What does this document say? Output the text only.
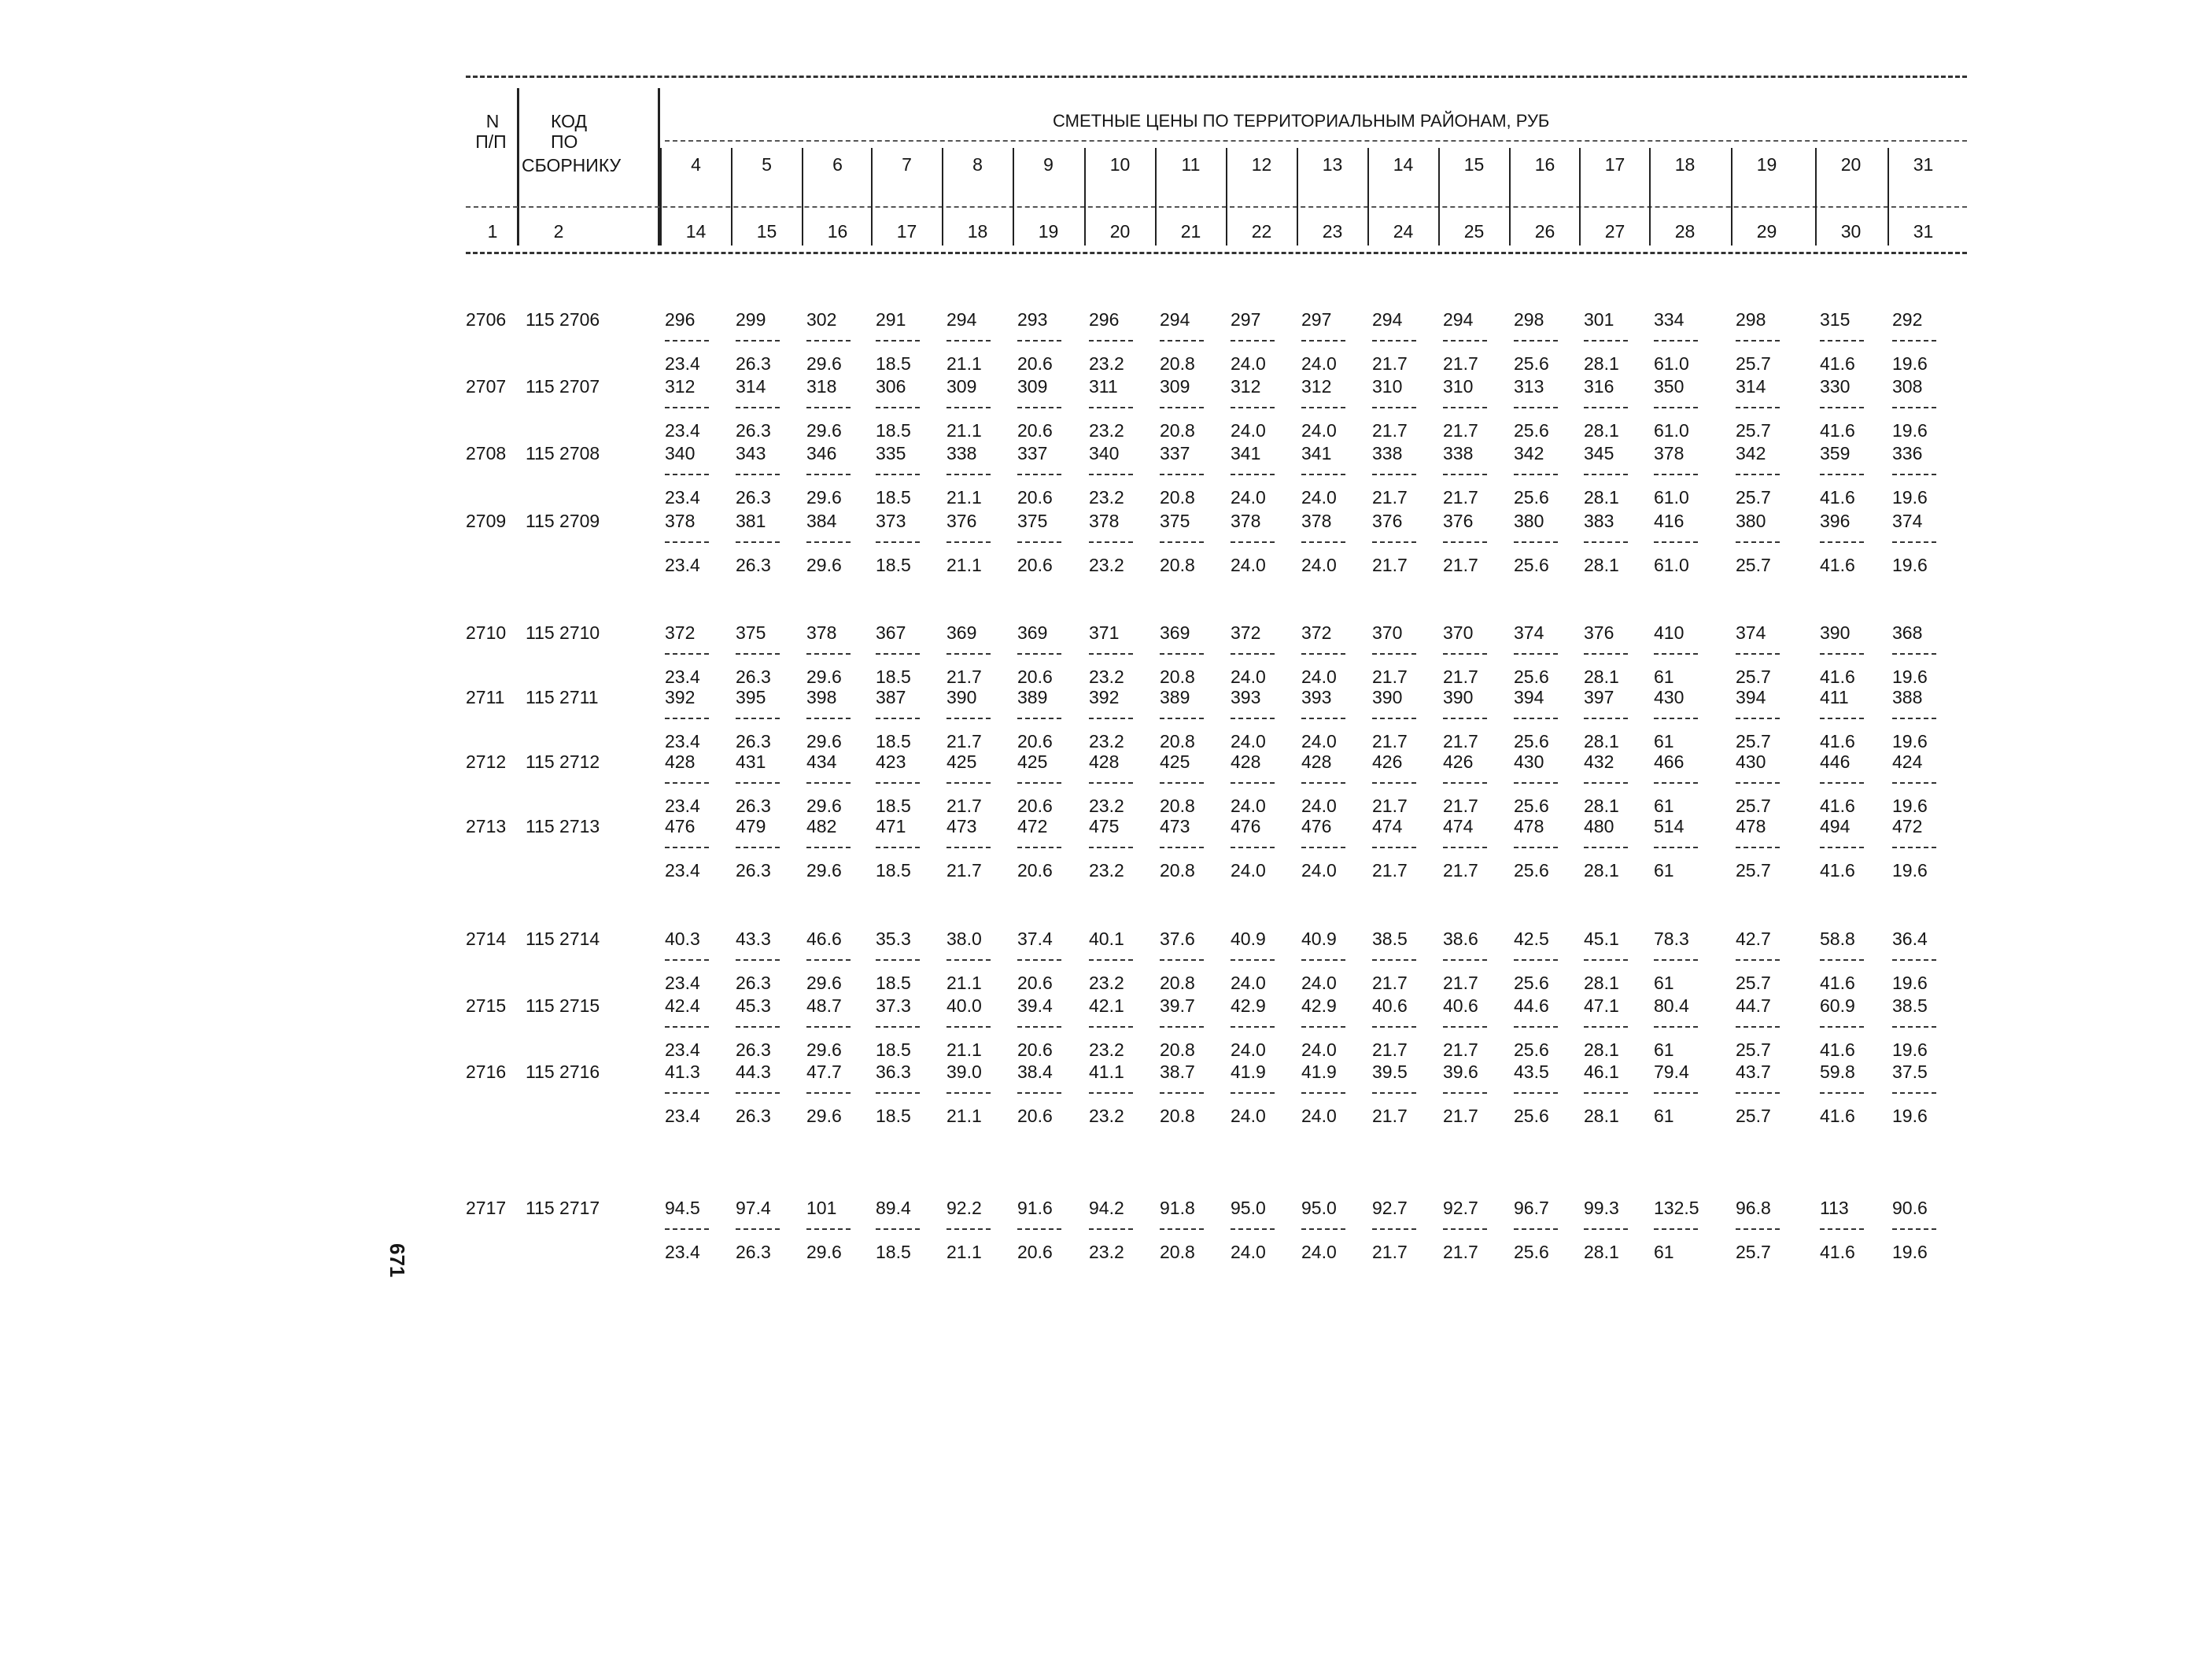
N
П/П
КОД
ПО
СБОРНИКУ
СМЕТНЫЕ ЦЕНЫ ПО ТЕРРИТОРИАЛЬНЫМ РАЙОНАМ, РУБ
4	5	6	7	8	9	10	11	12	13	14	15	16	17	18	19	20	31
1	2	14	15	16	17	18	19	20	21	22	23	24	25	26	27	28	29	30	31
2706 115 2706	296 299 302 291 294 293 296 294 297 297 294 294 298 301 334	298	315 292
23.4 26.3 29.6 18.5 21.1 20.6 23.2 20.8 24.0 24.0 21.7 21.7 25.6 28.1 61.0	25.7	41.6 19.6
2707 115 2707	312 314 318 306 309 309 311 309 312 312 310 310 313 316 350	314	330 308
23.4 26.3 29.6 18.5 21.1 20.6 23.2 20.8 24.0 24.0 21.7 21.7 25.6 28.1 61.0	25.7	41.6 19.6
2708 115 2708	340 343 346 335 338 337 340 337 341 341 338 338 342 345 378	342	359 336
23.4 26.3 29.6 18.5 21.1 20.6 23.2 20.8 24.0 24.0 21.7 21.7 25.6 28.1 61.0	25.7	41.6 19.6
2709 115 2709	378 381 384 373 376 375 378 375 378 378 376 376 380 383 416	380	396 374
23.4 26.3 29.6 18.5 21.1 20.6 23.2 20.8 24.0 24.0 21.7 21.7 25.6 28.1 61.0	25.7	41.6 19.6
2710 115 2710	372 375 378 367 369 369 371 369 372 372 370 370 374 376 410	374	390 368
23.4 26.3 29.6 18.5 21.7 20.6 23.2 20.8 24.0 24.0 21.7 21.7 25.6 28.1 61	25.7	41.6 19.6
2711 115 2711	392 395 398 387 390 389 392 389 393 393 390 390 394 397 430	394	411 388
23.4 26.3 29.6 18.5 21.7 20.6 23.2 20.8 24.0 24.0 21.7 21.7 25.6 28.1 61	25.7	41.6 19.6
2712 115 2712	428 431 434 423 425 425 428 425 428 428 426 426 430 432 466	430	446 424
23.4 26.3 29.6 18.5 21.7 20.6 23.2 20.8 24.0 24.0 21.7 21.7 25.6 28.1 61	25.7	41.6 19.6
2713 115 2713	476 479 482 471 473 472 475 473 476 476 474 474 478 480 514	478	494 472
23.4 26.3 29.6 18.5 21.7 20.6 23.2 20.8 24.0 24.0 21.7 21.7 25.6 28.1 61	25.7	41.6 19.6
2714 115 2714	40.3 43.3 46.6 35.3 38.0 37.4 40.1 37.6 40.9 40.9 38.5 38.6 42.5 45.1 78.3	42.7	58.8 36.4
23.4 26.3 29.6 18.5 21.1 20.6 23.2 20.8 24.0 24.0 21.7 21.7 25.6 28.1 61	25.7	41.6 19.6
2715 115 2715	42.4 45.3 48.7 37.3 40.0 39.4 42.1 39.7 42.9 42.9 40.6 40.6 44.6 47.1 80.4	44.7	60.9 38.5
23.4 26.3 29.6 18.5 21.1 20.6 23.2 20.8 24.0 24.0 21.7 21.7 25.6 28.1 61	25.7	41.6 19.6
2716 115 2716	41.3 44.3 47.7 36.3 39.0 38.4 41.1 38.7 41.9 41.9 39.5 39.6 43.5 46.1 79.4	43.7	59.8 37.5
23.4 26.3 29.6 18.5 21.1 20.6 23.2 20.8 24.0 24.0 21.7 21.7 25.6 28.1 61	25.7	41.6 19.6
2717 115 2717	94.5 97.4 101 89.4 92.2 91.6 94.2 91.8 95.0 95.0 92.7 92.7 96.7 99.3 132.5 96.8	113 90.6
23.4 26.3 29.6 18.5 21.1 20.6 23.2 20.8 24.0 24.0 21.7 21.7 25.6 28.1 61	25.7	41.6 19.6
671
